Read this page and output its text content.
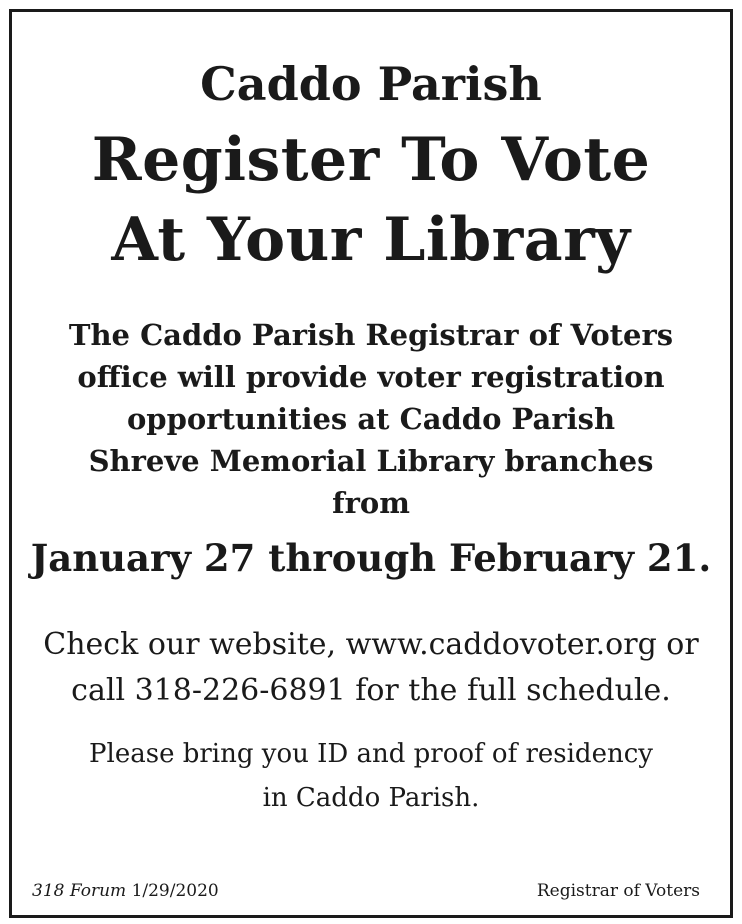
Caddo Parish
Register To Vote
At Your Library
The Caddo Parish Registrar of Voters
office will provide voter registration
opportunities at Caddo Parish
Shreve Memorial Library branches
from
January 27 through February 21.
Check our website, www.caddovoter.org or
call 318-226-6891 for the full schedule.
Please bring you ID and proof of residency
in Caddo Parish.
318 Forum 1/29/2020	Registrar of Voters
